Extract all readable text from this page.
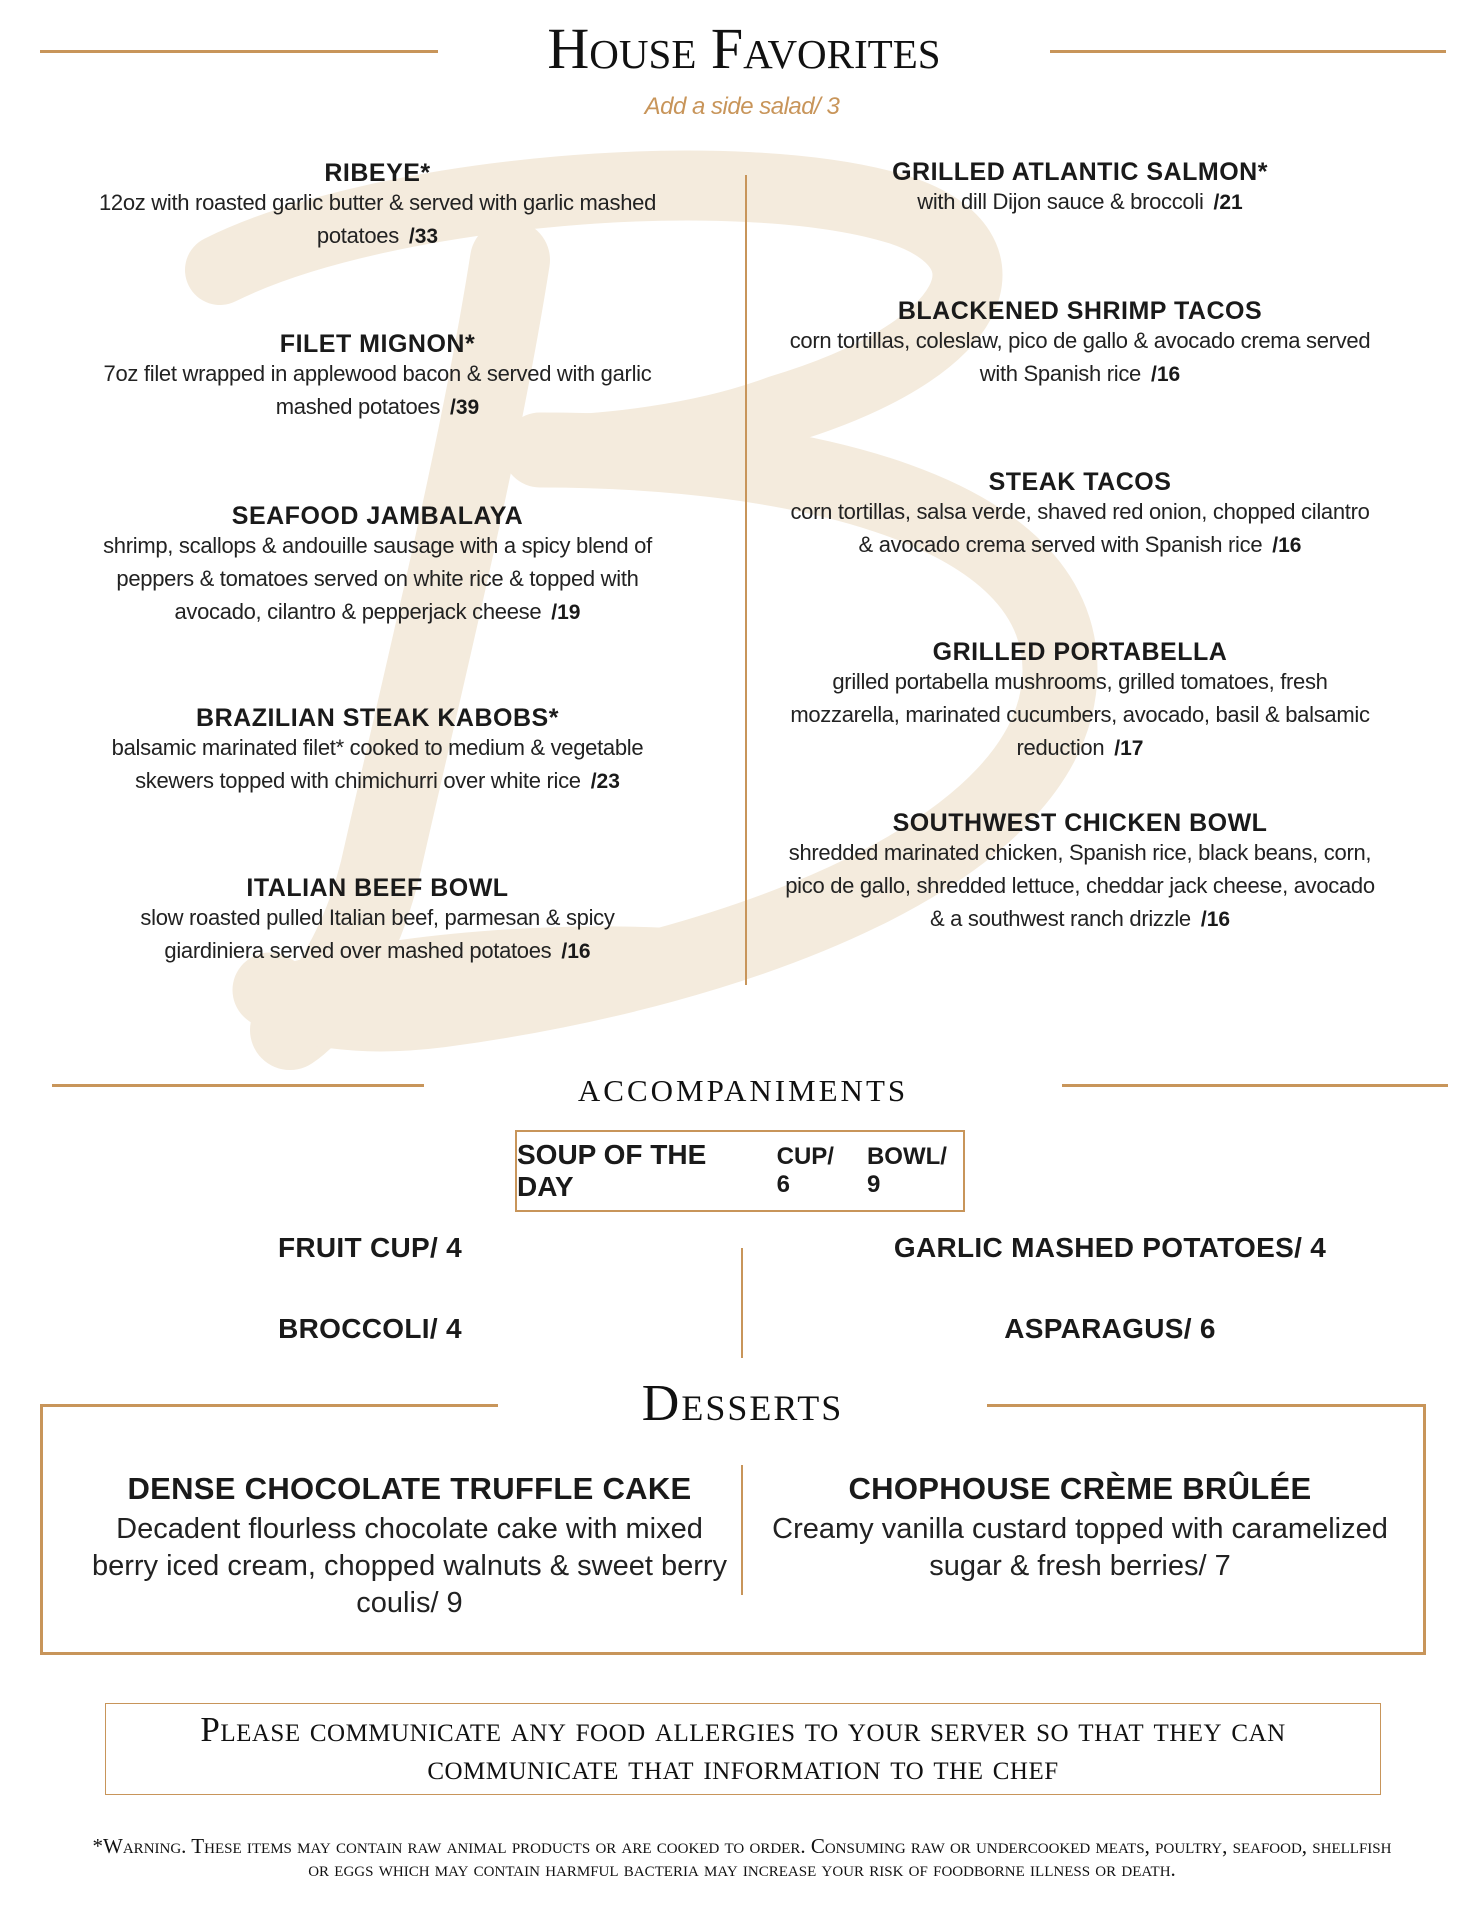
House Favorites
Add a side salad/ 3
RIBEYE*
12oz with roasted garlic butter & served with garlic mashed potatoes /33
FILET MIGNON*
7oz filet wrapped in applewood bacon & served with garlic mashed potatoes /39
SEAFOOD JAMBALAYA
shrimp, scallops & andouille sausage with a spicy blend of peppers & tomatoes served on white rice & topped with avocado, cilantro & pepperjack cheese /19
BRAZILIAN STEAK KABOBS*
balsamic marinated filet* cooked to medium & vegetable skewers topped with chimichurri over white rice /23
ITALIAN BEEF BOWL
slow roasted pulled Italian beef, parmesan & spicy giardiniera served over mashed potatoes /16
GRILLED ATLANTIC SALMON*
with dill Dijon sauce & broccoli /21
BLACKENED SHRIMP TACOS
corn tortillas, coleslaw, pico de gallo & avocado crema served with Spanish rice /16
STEAK TACOS
corn tortillas, salsa verde, shaved red onion, chopped cilantro & avocado crema served with Spanish rice /16
GRILLED PORTABELLA
grilled portabella mushrooms, grilled tomatoes, fresh mozzarella, marinated cucumbers, avocado, basil & balsamic reduction /17
SOUTHWEST CHICKEN BOWL
shredded marinated chicken, Spanish rice, black beans, corn, pico de gallo, shredded lettuce, cheddar jack cheese, avocado & a southwest ranch drizzle /16
accompaniments
SOUP OF THE DAY
CUP/ 6
BOWL/ 9
FRUIT CUP/ 4
BROCCOLI/ 4
GARLIC MASHED POTATOES/ 4
ASPARAGUS/ 6
Desserts
DENSE CHOCOLATE TRUFFLE CAKE
Decadent flourless chocolate cake with mixed berry iced cream, chopped walnuts & sweet berry coulis/ 9
CHOPHOUSE CRÈME BRÛLÉE
Creamy vanilla custard topped with caramelized sugar & fresh berries/ 7
Please communicate any food allergies to your server so that they can communicate that information to the chef
*Warning. These items may contain raw animal products or are cooked to order. Consuming raw or undercooked meats, poultry, seafood, shellfish or eggs which may contain harmful bacteria may increase your risk of foodborne illness or death.
